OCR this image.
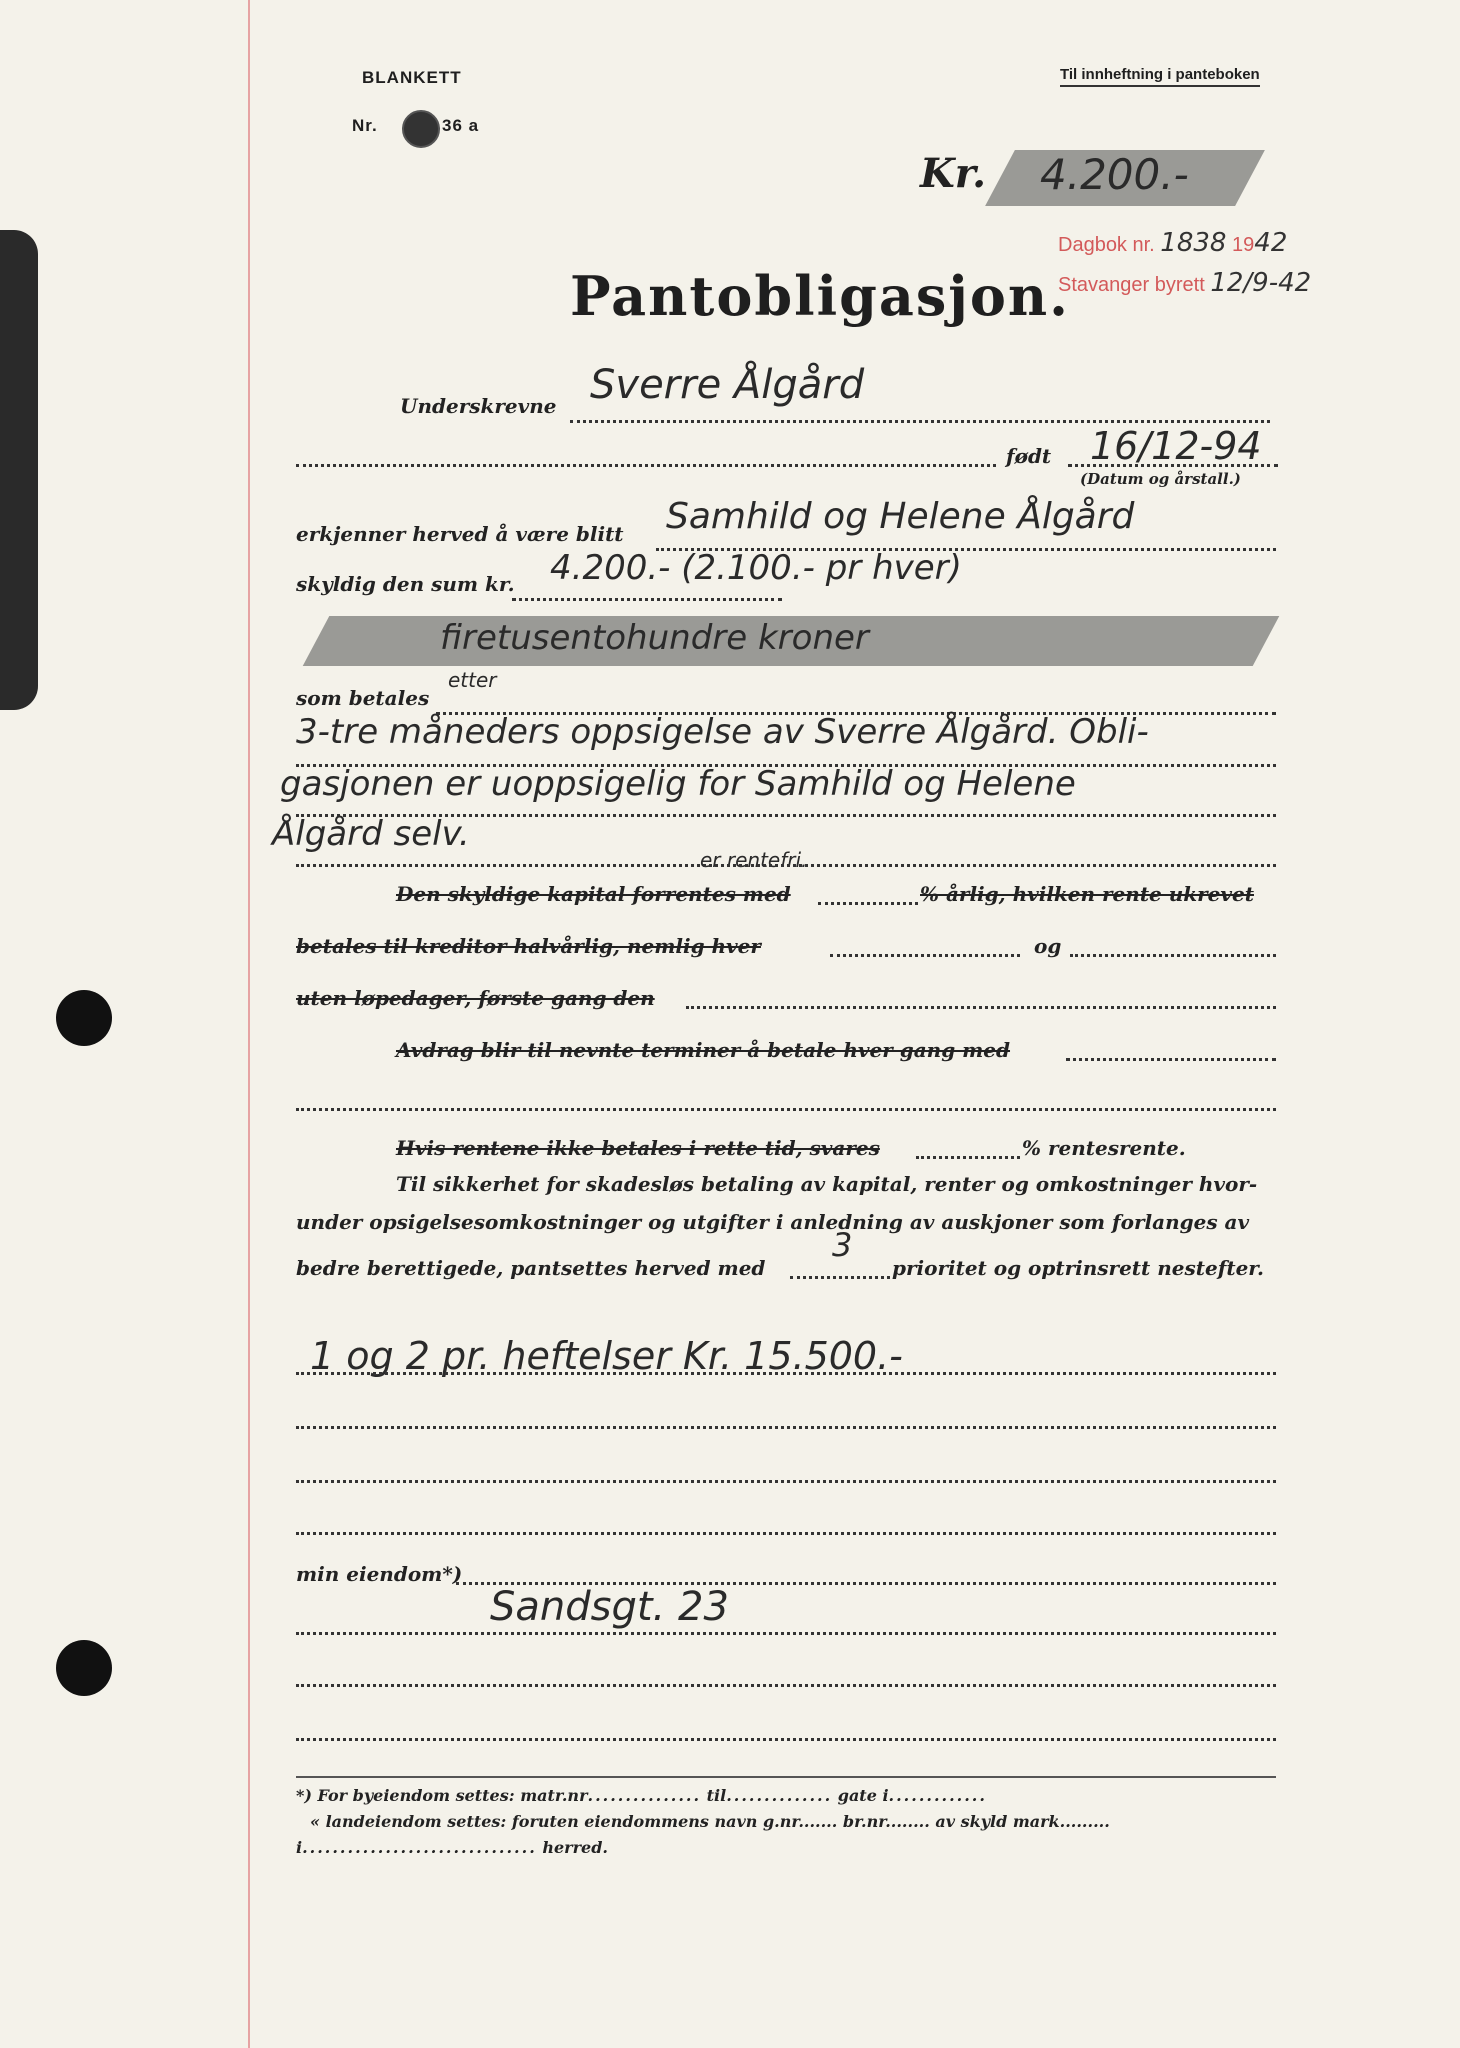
BLANKETT
Nr.	36 a
Til innheftning i panteboken
Kr. 4.200.-
Dagbok nr. 1838 1942
Stavanger byrett 12/9-42
Pantobligasjon.
Underskrevne Sverre Ålgård
født 16/12-94
(Datum og årstall.)
erkjenner herved å være blitt Samhild og Helene Ålgård
skyldig den sum kr. 4.200.- (2.100.- pr hver)
firetusentohundre kroner
som betales
etter
3-tre måneders oppsigelse av Sverre Ålgård. Obli-
gasjonen er uoppsigelig for Samhild og Helene
Ålgård selv.
er rentefri.
Den skyldige kapital forrentes med	% årlig, hvilken rente ukrevet
betales til kreditor halvårlig, nemlig hver	og
uten løpedager, første gang den
Avdrag blir til nevnte terminer å betale hver gang med
Hvis rentene ikke betales i rette tid, svares	% rentesrente.
Til sikkerhet for skadesløs betaling av kapital, renter og omkostninger hvor-
under opsigelsesomkostninger og utgifter i anledning av auskjoner som forlanges av
bedre berettigede, pantsettes herved med
3
prioritet og optrinsrett nestefter.
1 og 2 pr. heftelser Kr. 15.500.-
min eiendom*)
Sandsgt. 23
*) For byeiendom settes: matr.nr............... til.............. gate i.............
« landeiendom settes: foruten eiendommens navn g.nr....... br.nr........ av skyld mark.........
i............................... herred.
